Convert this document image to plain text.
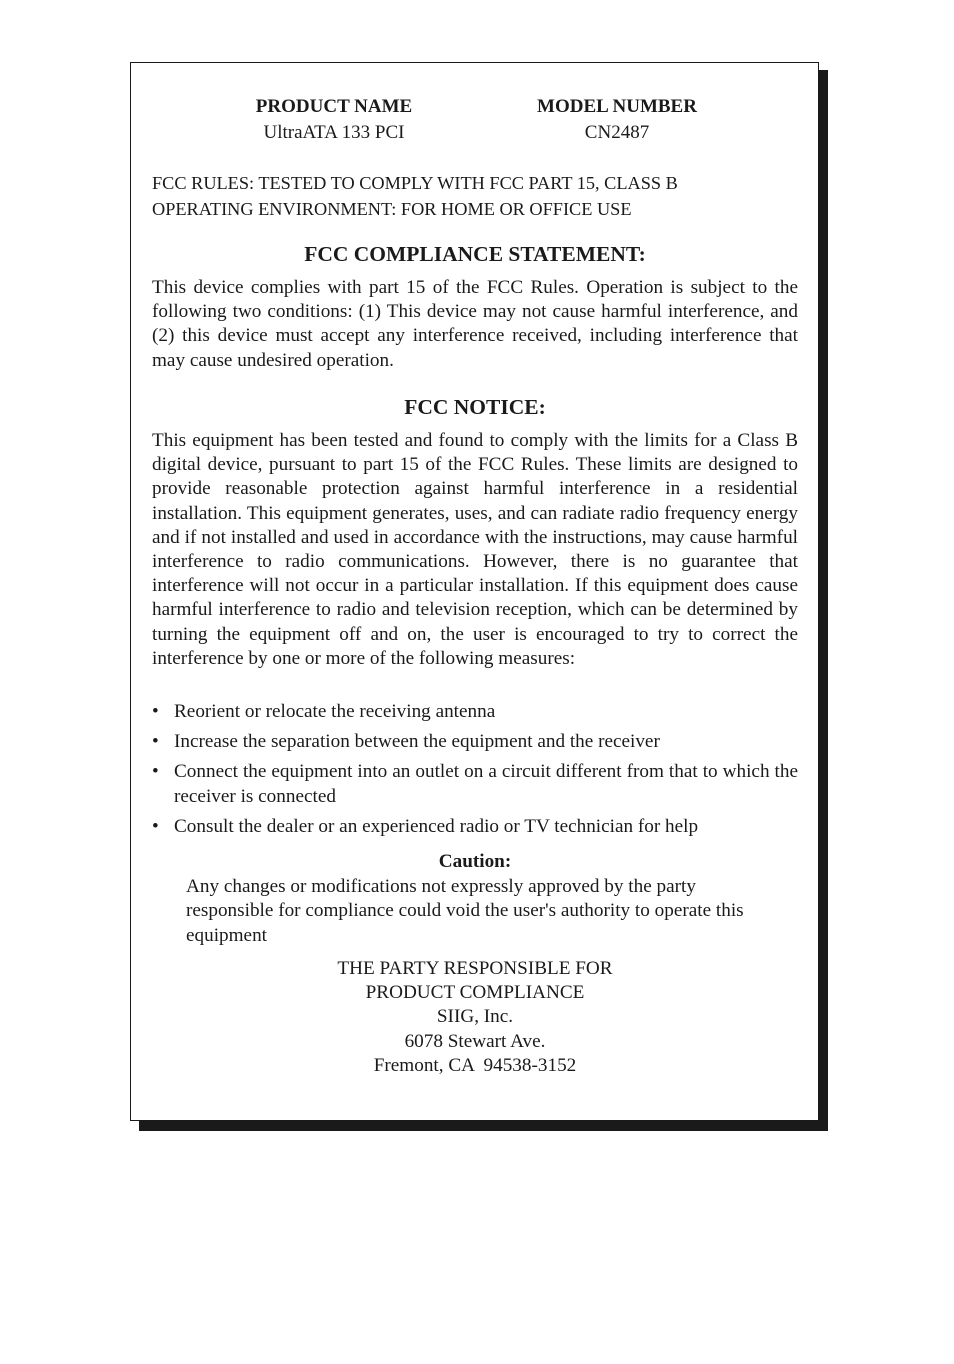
PRODUCT NAME
UltraATA 133 PCI
MODEL NUMBER
CN2487
FCC RULES: TESTED TO COMPLY WITH FCC PART 15, CLASS B
OPERATING ENVIRONMENT: FOR HOME OR OFFICE USE
FCC COMPLIANCE STATEMENT:
This device complies with part 15 of the FCC Rules. Operation is subject to the following two conditions: (1) This device may not cause harmful interference, and (2) this device must accept any interference received, including interference that may cause undesired operation.
FCC NOTICE:
This equipment has been tested and found to comply with the limits for a Class B digital device, pursuant to part 15 of the FCC Rules. These limits are designed to provide reasonable protection against harmful interference in a residential installation. This equipment generates, uses, and can radiate radio frequency energy and if not installed and used in accordance with the instructions, may cause harmful interference to radio communications. However, there is no guarantee that interference will not occur in a particular installation. If this equipment does cause harmful interference to radio and television reception, which can be determined by turning the equipment off and on, the user is encouraged to try to correct the interference by one or more of the following measures:
• Reorient or relocate the receiving antenna
• Increase the separation between the equipment and the receiver
• Connect the equipment into an outlet on a circuit different from that to which the receiver is connected
• Consult the dealer or an experienced radio or TV technician for help
Caution:
Any changes or modifications not expressly approved by the party responsible for compliance could void the user's authority to operate this equipment
THE PARTY RESPONSIBLE FOR
PRODUCT COMPLIANCE
SIIG, Inc.
6078 Stewart Ave.
Fremont, CA  94538-3152
